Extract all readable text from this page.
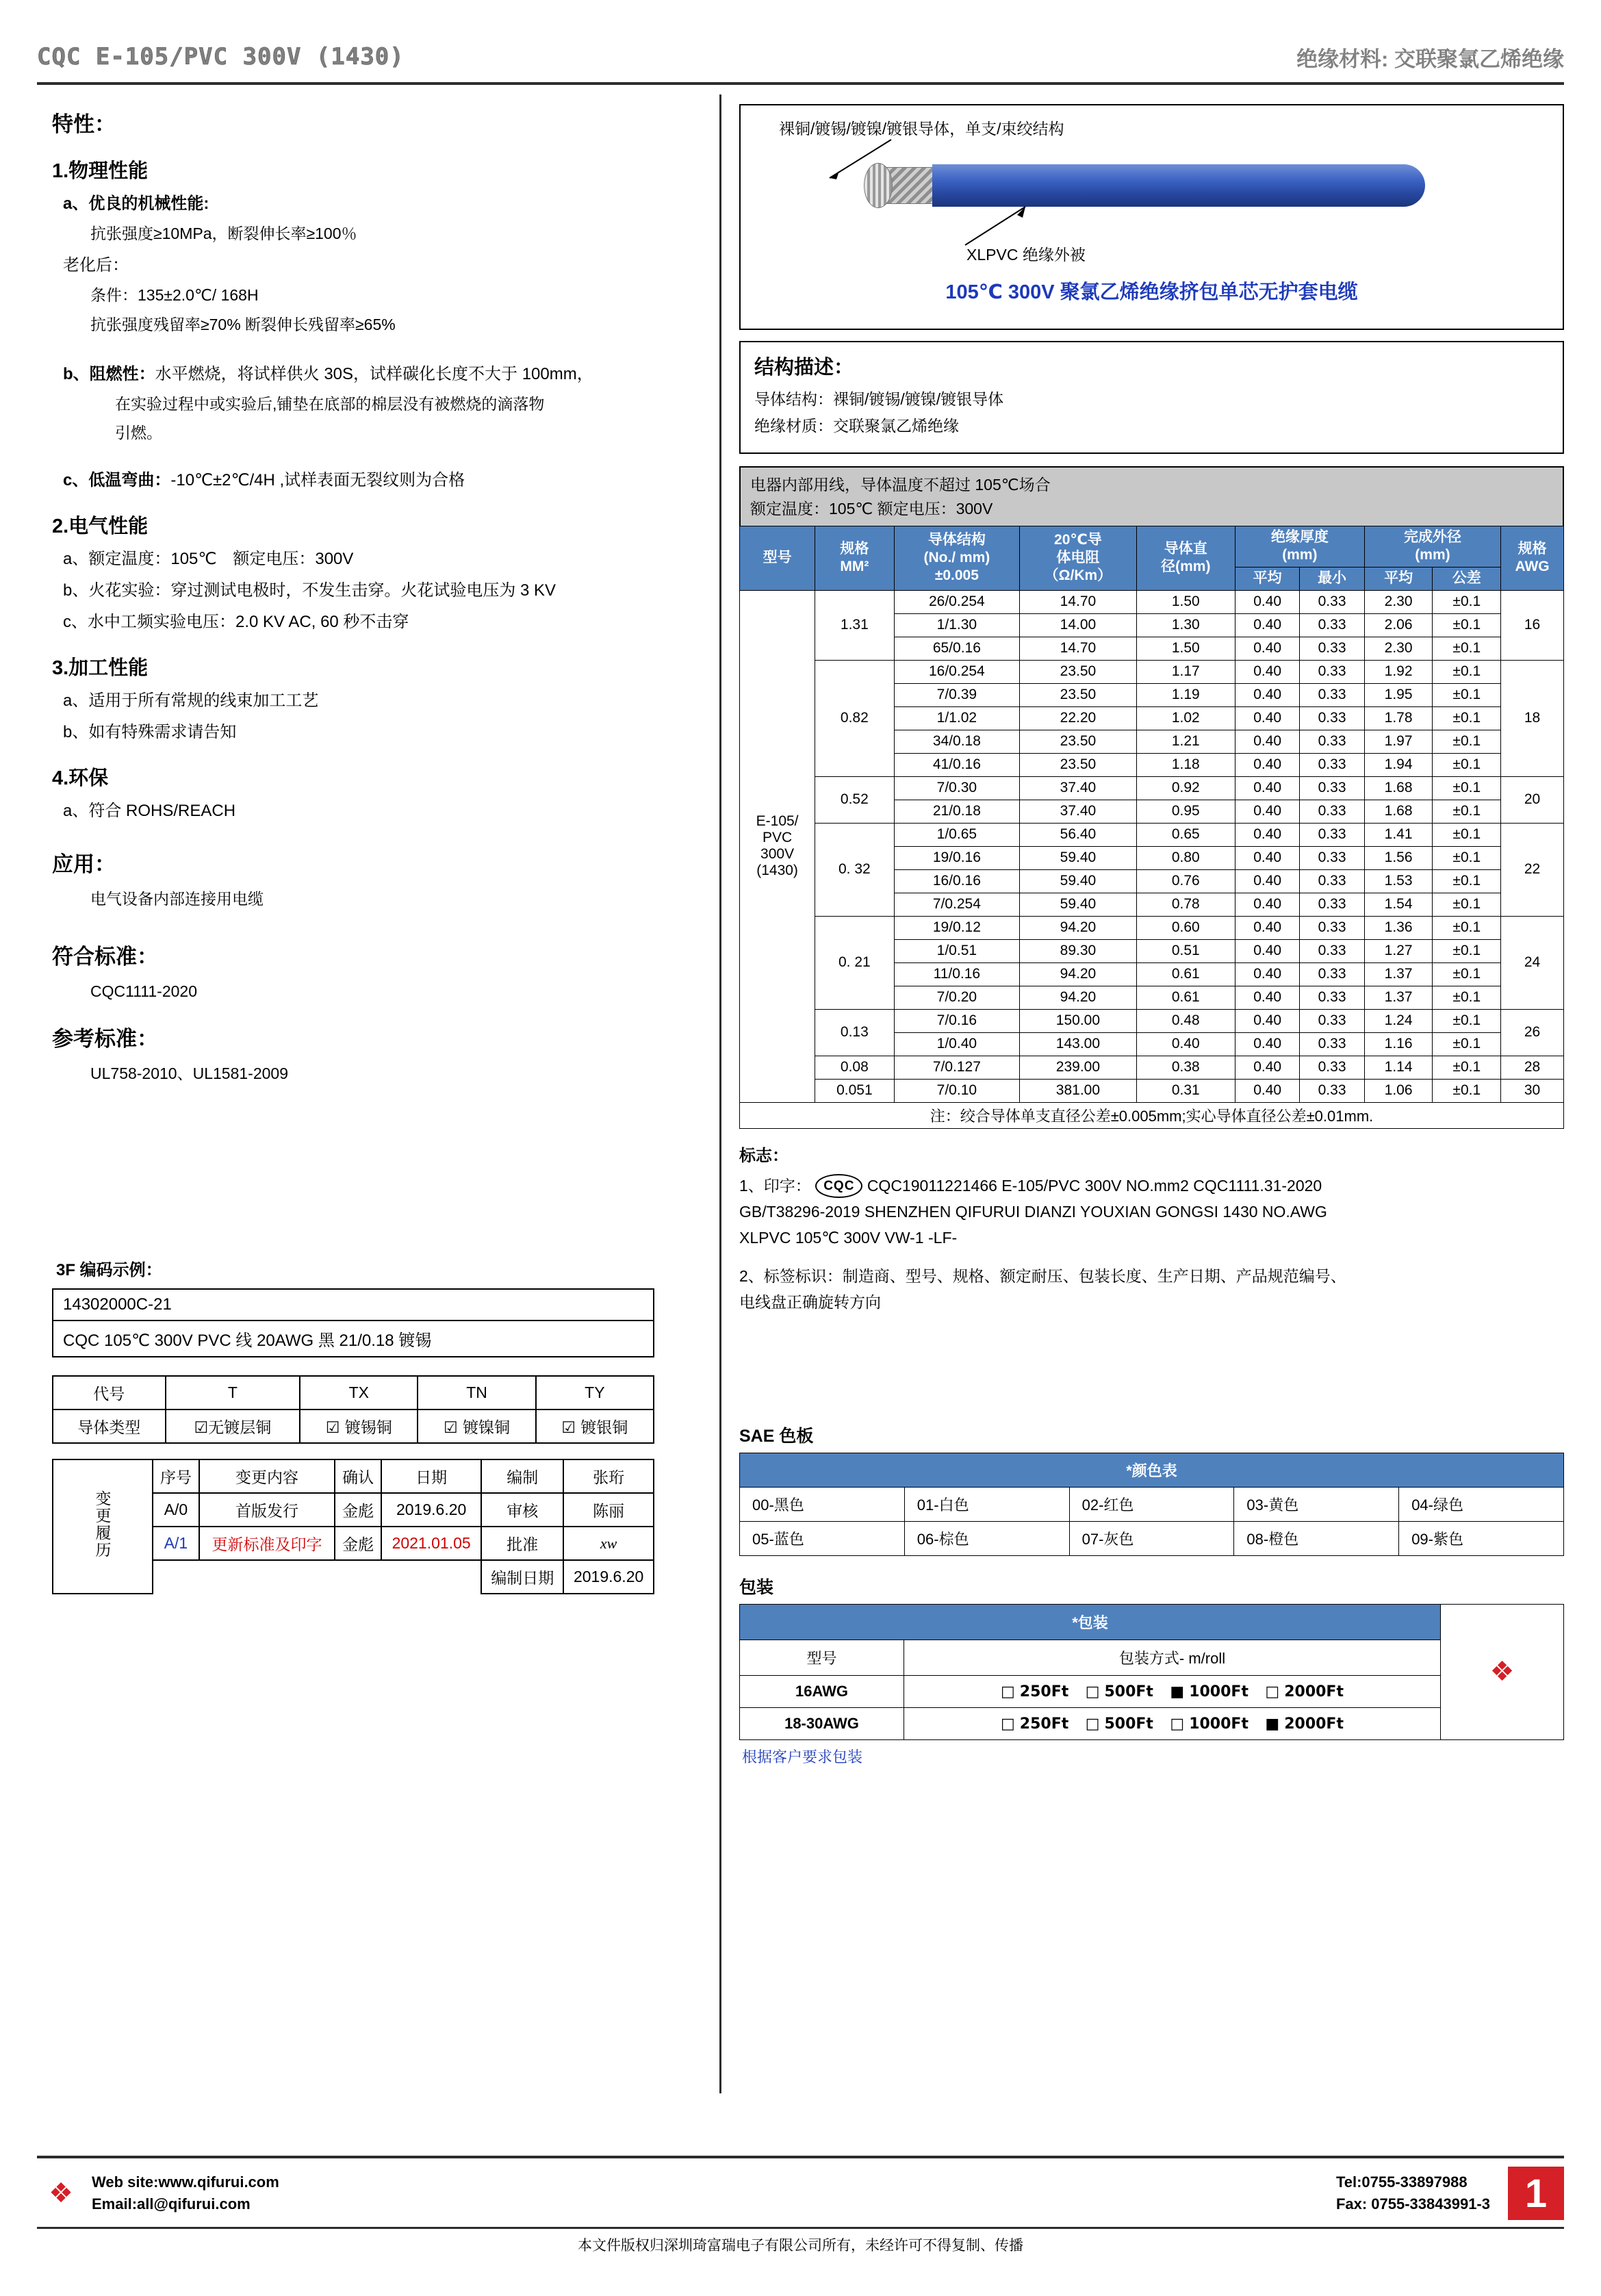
CQC E-105/PVC 300V (1430)	绝缘材料: 交联聚氯乙烯绝缘
特性：
1.物理性能
a、优良的机械性能:
抗张强度≥10MPa，断裂伸长率≥100％
老化后：
条件：135±2.0℃/ 168H
抗张强度残留率≥70% 断裂伸长残留率≥65%
b、阻燃性：水平燃烧，将试样供火 30S，试样碳化长度不大于 100mm，
在实验过程中或实验后,铺垫在底部的棉层没有被燃烧的滴落物
引燃。
c、低温弯曲：-10℃±2℃/4H ,试样表面无裂纹则为合格
2.电气性能
a、额定温度：105℃　额定电压：300V
b、火花实验：穿过测试电极时，不发生击穿。火花试验电压为 3 KV
c、水中工频实验电压：2.0 KV AC, 60 秒不击穿
3.加工性能
a、适用于所有常规的线束加工工艺
b、如有特殊需求请告知
4.环保
a、符合 ROHS/REACH
应用：
电气设备内部连接用电缆
符合标准：
CQC1111-2020
参考标准：
UL758-2010、UL1581-2009
3F 编码示例：
14302000C-21
CQC 105℃ 300V PVC 线 20AWG 黑 21/0.18 镀锡
代号	T	TX	TN	TY
导体类型	☑无镀层铜	☑ 镀锡铜	☑ 镀镍铜	☑ 镀银铜
变更履历	序号	变更内容	确认	日期	编制	张珩
	A/0	首版发行	金彪	2019.6.20	审核	陈丽
	A/1	更新标准及印字	金彪	2021.01.05	批准	xw
					编制日期	2019.6.20
裸铜/镀锡/镀镍/镀银导体，单支/束绞结构
XLPVC 绝缘外被
105℃ 300V 聚氯乙烯绝缘挤包单芯无护套电缆
结构描述：
导体结构：裸铜/镀锡/镀镍/镀银导体
绝缘材质：交联聚氯乙烯绝缘
电器内部用线，导体温度不超过 105℃场合
额定温度：105℃ 额定电压：300V
型号	规格
MM²	导体结构
(No./ mm)
±0.005	20℃导
体电阻
（Ω/Km）	导体直
径(mm)	绝缘厚度
(mm)		完成外径
(mm)		规格
AWG
					平均	最小	平均	公差	

E-105/
PVC
300V
(1430)	1.31	26/0.254	14.70	1.50	0.40	0.33	2.30	±0.1	16
		1/1.30	14.00	1.30	0.40	0.33	2.06	±0.1	
		65/0.16	14.70	1.50	0.40	0.33	2.30	±0.1	
	0.82	16/0.254	23.50	1.17	0.40	0.33	1.92	±0.1	18
		7/0.39	23.50	1.19	0.40	0.33	1.95	±0.1	
		1/1.02	22.20	1.02	0.40	0.33	1.78	±0.1	
		34/0.18	23.50	1.21	0.40	0.33	1.97	±0.1	
		41/0.16	23.50	1.18	0.40	0.33	1.94	±0.1	
	0.52	7/0.30	37.40	0.92	0.40	0.33	1.68	±0.1	20
		21/0.18	37.40	0.95	0.40	0.33	1.68	±0.1	
	0. 32	1/0.65	56.40	0.65	0.40	0.33	1.41	±0.1	22
		19/0.16	59.40	0.80	0.40	0.33	1.56	±0.1	
		16/0.16	59.40	0.76	0.40	0.33	1.53	±0.1	
		7/0.254	59.40	0.78	0.40	0.33	1.54	±0.1	
	0. 21	19/0.12	94.20	0.60	0.40	0.33	1.36	±0.1	24
		1/0.51	89.30	0.51	0.40	0.33	1.27	±0.1	
		11/0.16	94.20	0.61	0.40	0.33	1.37	±0.1	
		7/0.20	94.20	0.61	0.40	0.33	1.37	±0.1	
	0.13	7/0.16	150.00	0.48	0.40	0.33	1.24	±0.1	26
		1/0.40	143.00	0.40	0.40	0.33	1.16	±0.1	
	0.08	7/0.127	239.00	0.38	0.40	0.33	1.14	±0.1	28
	0.051	7/0.10	381.00	0.31	0.40	0.33	1.06	±0.1	30
注：绞合导体单支直径公差±0.005mm;实心导体直径公差±0.01mm.									
标志：
1、印字： CQC CQC19011221466 E-105/PVC 300V NO.mm2 CQC1111.31-2020
GB/T38296-2019 SHENZHEN QIFURUI DIANZI YOUXIAN GONGSI 1430 NO.AWG
XLPVC 105℃ 300V VW-1 -LF-
2、标签标识：制造商、型号、规格、额定耐压、包装长度、生产日期、产品规范编号、
电线盘正确旋转方向
SAE 色板
*颜色表				
00-黑色	01-白色	02-红色	03-黄色	04-绿色
05-蓝色	06-棕色	07-灰色	08-橙色	09-紫色
包装
*包装		❖
型号	包装方式- m/roll	
16AWG	□ 250Ft □ 500Ft ■ 1000Ft □ 2000Ft	
18-30AWG	□ 250Ft □ 500Ft □ 1000Ft ■ 2000Ft	
根据客户要求包装
❖ Web site:www.qifurui.com
Email:all@qifurui.com
Tel:0755-33897988
Fax: 0755-33843991-3 1
本文件版权归深圳琦富瑞电子有限公司所有，未经许可不得复制、传播
